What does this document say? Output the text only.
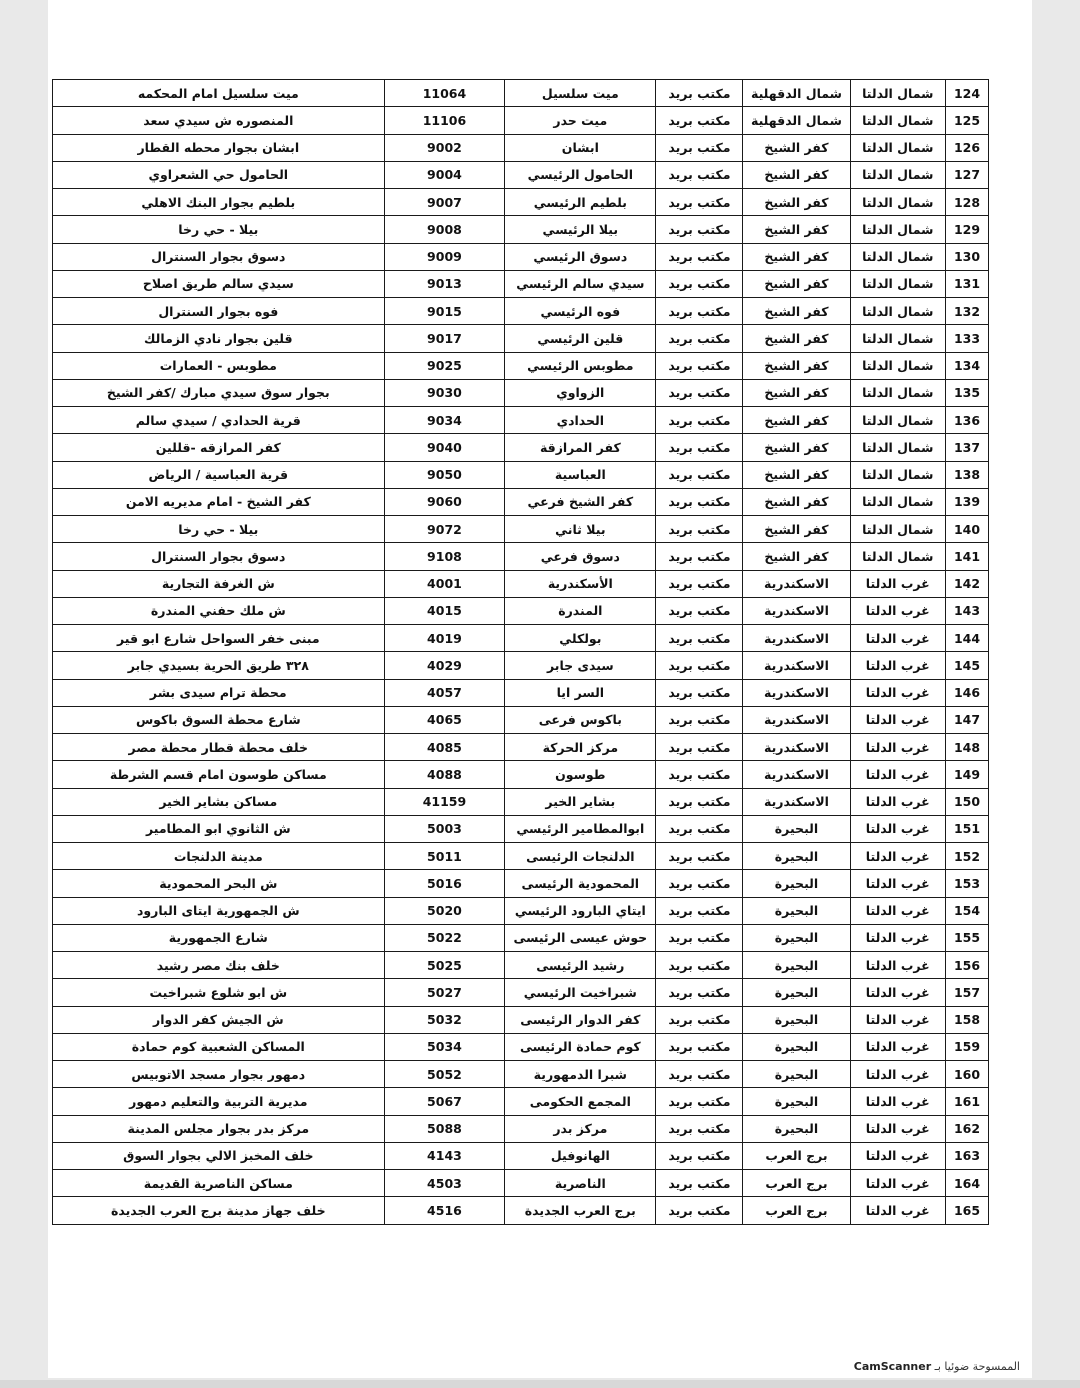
124	شمال الدلتا	شمال الدقهلية	مكتب بريد	ميت سلسيل	11064	ميت سلسيل امام المحكمه
125	شمال الدلتا	شمال الدقهلية	مكتب بريد	ميت حدر	11106	المنصوره ش سيدي سعد
126	شمال الدلتا	كفر الشيخ	مكتب بريد	ابشان	9002	ابشان بجوار محطه القطار
127	شمال الدلتا	كفر الشيخ	مكتب بريد	الحامول الرئيسي	9004	الحامول حي الشعراوي
128	شمال الدلتا	كفر الشيخ	مكتب بريد	بلطيم الرئيسي	9007	بلطيم بجوار البنك الاهلي
129	شمال الدلتا	كفر الشيخ	مكتب بريد	بيلا الرئيسي	9008	بيلا - حي رخا
130	شمال الدلتا	كفر الشيخ	مكتب بريد	دسوق الرئيسي	9009	دسوق بجوار السنترال
131	شمال الدلتا	كفر الشيخ	مكتب بريد	سيدي سالم الرئيسي	9013	سيدي سالم طريق اصلاح
132	شمال الدلتا	كفر الشيخ	مكتب بريد	فوه الرئيسي	9015	فوه بجوار السنترال
133	شمال الدلتا	كفر الشيخ	مكتب بريد	قلين الرئيسي	9017	قلين بجوار نادي الزمالك
134	شمال الدلتا	كفر الشيخ	مكتب بريد	مطوبس الرئيسي	9025	مطوبس - العمارات
135	شمال الدلتا	كفر الشيخ	مكتب بريد	الزواوي	9030	بجوار سوق سيدي مبارك /كفر الشيخ
136	شمال الدلتا	كفر الشيخ	مكتب بريد	الحدادي	9034	قرية الحدادي / سيدي سالم
137	شمال الدلتا	كفر الشيخ	مكتب بريد	كفر المرازقة	9040	كفر المرازقه -قللين
138	شمال الدلتا	كفر الشيخ	مكتب بريد	العباسية	9050	قرية العباسية / الرياض
139	شمال الدلتا	كفر الشيخ	مكتب بريد	كفر الشيخ فرعي	9060	كفر الشيخ - امام مديريه الامن
140	شمال الدلتا	كفر الشيخ	مكتب بريد	بيلا ثاني	9072	بيلا - حي رخا
141	شمال الدلتا	كفر الشيخ	مكتب بريد	دسوق فرعي	9108	دسوق بجوار السنترال
142	غرب الدلتا	الاسكندرية	مكتب بريد	الأسكندرية	4001	ش الغرفة التجارية
143	غرب الدلتا	الاسكندرية	مكتب بريد	المندرة	4015	ش ملك حفني المندرة
144	غرب الدلتا	الاسكندرية	مكتب بريد	بولكلي	4019	مبنى خفر السواحل شارع ابو قير
145	غرب الدلتا	الاسكندرية	مكتب بريد	سيدى جابر	4029	٣٢٨ طريق الحرية بسيدي جابر
146	غرب الدلتا	الاسكندرية	مكتب بريد	السر ايا	4057	محطة ترام سيدى بشر
147	غرب الدلتا	الاسكندرية	مكتب بريد	باكوس فرعى	4065	شارع محطة السوق باكوس
148	غرب الدلتا	الاسكندرية	مكتب بريد	مركز الحركة	4085	خلف محطة قطار محطة مصر
149	غرب الدلتا	الاسكندرية	مكتب بريد	طوسون	4088	مساكن طوسون امام قسم الشرطة
150	غرب الدلتا	الاسكندرية	مكتب بريد	بشاير الخير	41159	مساكن بشاير الخير
151	غرب الدلتا	البحيرة	مكتب بريد	ابوالمطامير الرئيسي	5003	ش الثانوي ابو المطامير
152	غرب الدلتا	البحيرة	مكتب بريد	الدلنجات الرئيسى	5011	مدينة الدلنجات
153	غرب الدلتا	البحيرة	مكتب بريد	المحمودية الرئيسى	5016	ش البحر المحمودية
154	غرب الدلتا	البحيرة	مكتب بريد	ايتاي البارود الرئيسي	5020	ش الجمهورية ايتاى البارود
155	غرب الدلتا	البحيرة	مكتب بريد	حوش عيسى الرئيسى	5022	شارع الجمهورية
156	غرب الدلتا	البحيرة	مكتب بريد	رشيد الرئيسى	5025	خلف بنك مصر رشيد
157	غرب الدلتا	البحيرة	مكتب بريد	شبراخيت الرئيسي	5027	ش ابو شلوع شبراخيت
158	غرب الدلتا	البحيرة	مكتب بريد	كفر الدوار الرئيسى	5032	ش الجيش كفر الدوار
159	غرب الدلتا	البحيرة	مكتب بريد	كوم حمادة الرئيسى	5034	المساكن الشعبية كوم حمادة
160	غرب الدلتا	البحيرة	مكتب بريد	شبرا الدمهورية	5052	دمهور بجوار مسجد الاتوبيس
161	غرب الدلتا	البحيرة	مكتب بريد	المجمع الحكومى	5067	مديرية التربية والتعليم دمهور
162	غرب الدلتا	البحيرة	مكتب بريد	مركز بدر	5088	مركز بدر بجوار مجلس المدينة
163	غرب الدلتا	برج العرب	مكتب بريد	الهانوفيل	4143	خلف المخبز الالي بجوار السوق
164	غرب الدلتا	برج العرب	مكتب بريد	الناصرية	4503	مساكن الناصرية القديمة
165	غرب الدلتا	برج العرب	مكتب بريد	برج العرب الجديدة	4516	خلف جهاز مدينة برج العرب الجديدة
الممسوحة ضوئيا بـ CamScanner
